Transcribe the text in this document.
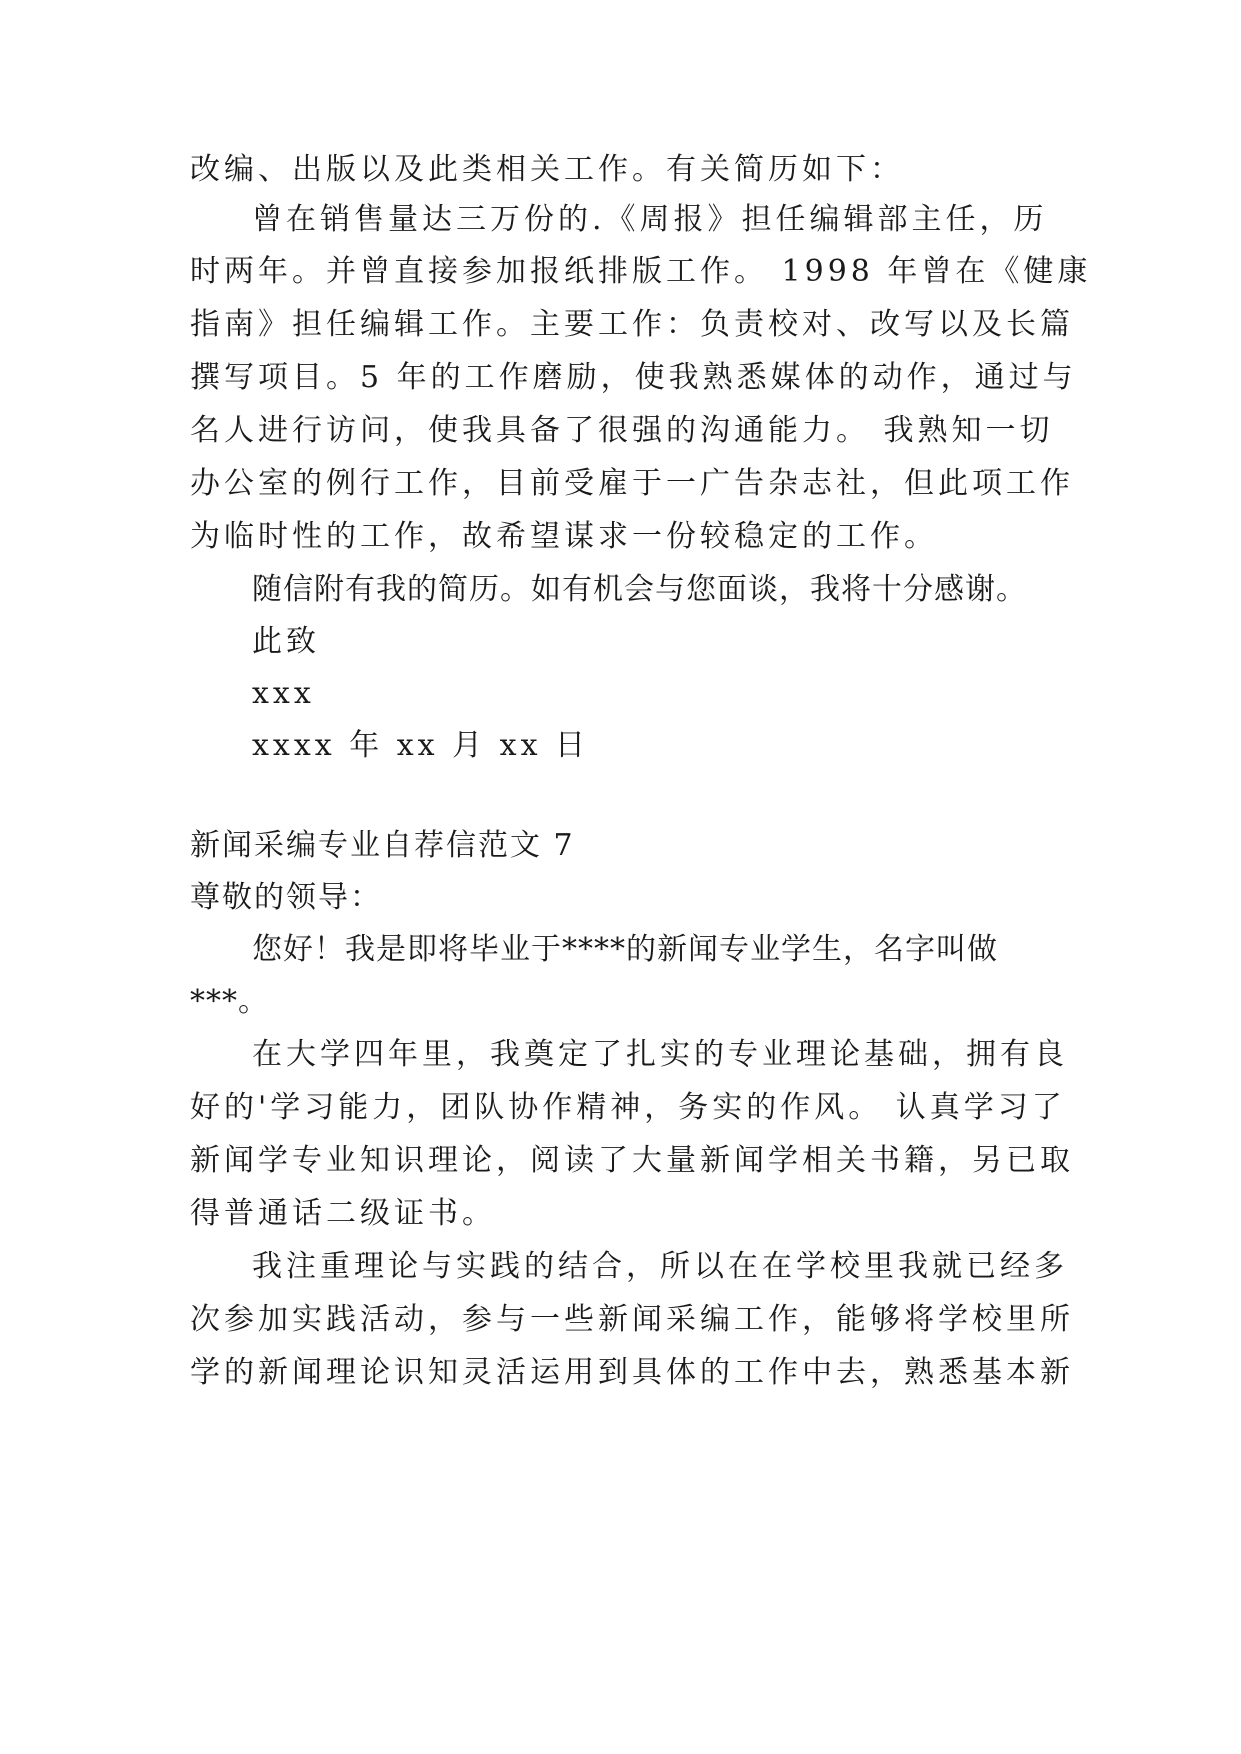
改编、出版以及此类相关工作。有关简历如下：
曾在销售量达三万份的.《周报》担任编辑部主任，历
时两年。并曾直接参加报纸排版工作。 1998 年曾在《健康
指南》担任编辑工作。主要工作：负责校对、改写以及长篇
撰写项目。5 年的工作磨励，使我熟悉媒体的动作，通过与
名人进行访问，使我具备了很强的沟通能力。 我熟知一切
办公室的例行工作，目前受雇于一广告杂志社，但此项工作
为临时性的工作，故希望谋求一份较稳定的工作。
随信附有我的简历。如有机会与您面谈，我将十分感谢。
此致
xxx
xxxx 年 xx 月 xx 日
新闻采编专业自荐信范文 7
尊敬的领导：
您好！我是即将毕业于****的新闻专业学生，名字叫做
***。
在大学四年里，我奠定了扎实的专业理论基础，拥有良
好的'学习能力，团队协作精神，务实的作风。 认真学习了
新闻学专业知识理论，阅读了大量新闻学相关书籍，另已取
得普通话二级证书。
我注重理论与实践的结合，所以在在学校里我就已经多
次参加实践活动，参与一些新闻采编工作，能够将学校里所
学的新闻理论识知灵活运用到具体的工作中去，熟悉基本新
